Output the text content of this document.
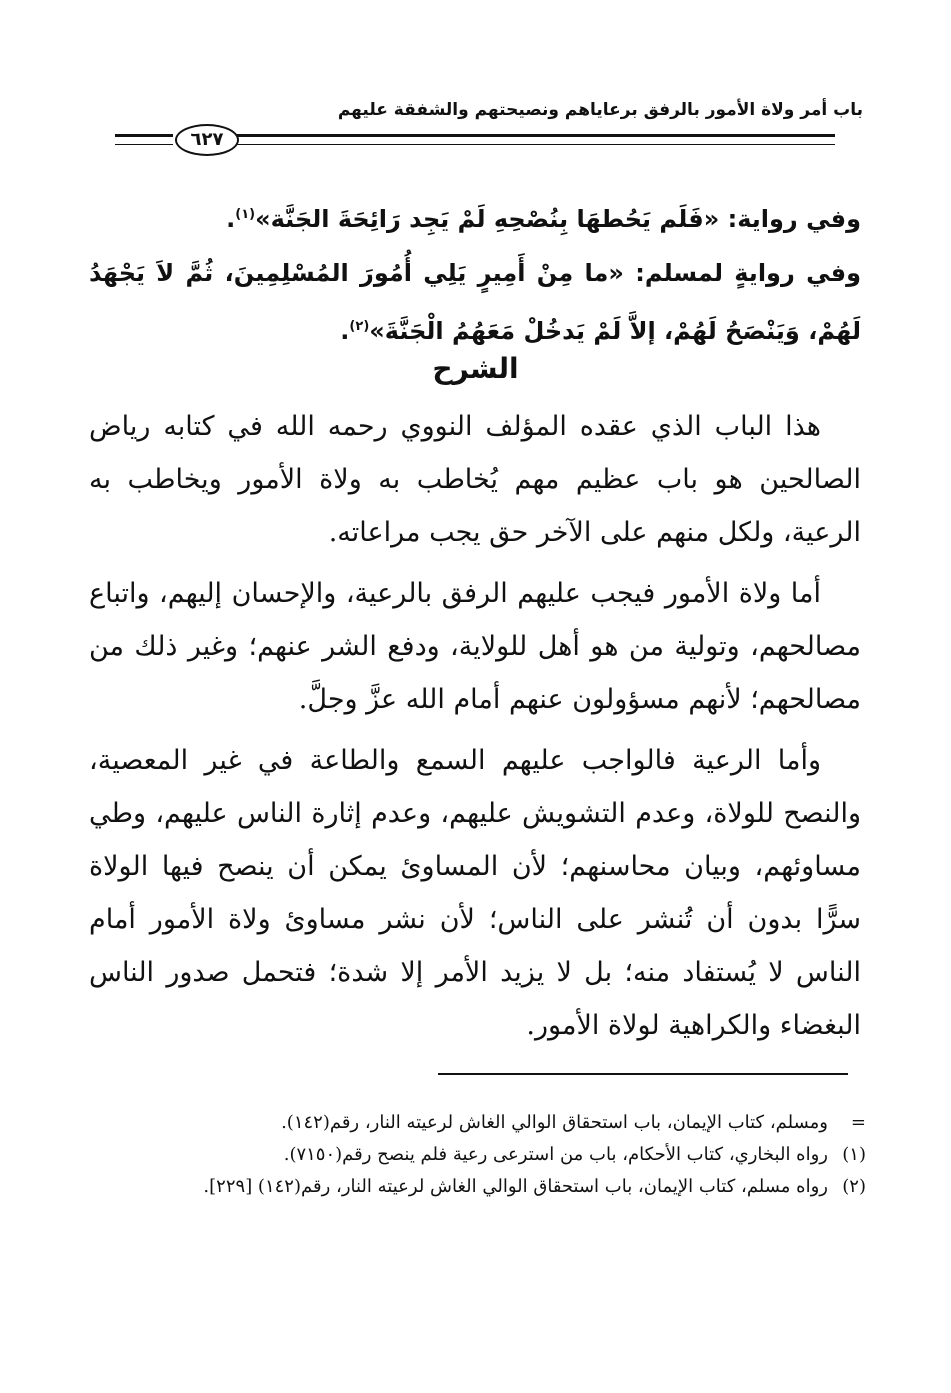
باب أمر ولاة الأمور بالرفق برعاياهم ونصيحتهم والشفقة عليهم
٦٢٧

وفي رواية: «فَلَم يَحُطهَا بِنُصْحِهِ لَمْ يَجِد رَائِحَةَ الجَنَّة»$^{(١)}$.

وفي روايةٍ لمسلم: «ما مِنْ أَمِيرٍ يَلِي أُمُورَ المُسْلِمِينَ، ثُمَّ لاَ يَجْهَدُ لَهُمْ، وَيَنْصَحُ لَهُمْ، إلاَّ لَمْ يَدخُلْ مَعَهُمُ الْجَنَّةَ»$^{(٢)}$.

الشرح

هذا الباب الذي عقده المؤلف النووي رحمه الله في كتابه رياض الصالحين هو باب عظيم مهم يُخاطب به ولاة الأمور ويخاطب به الرعية، ولكل منهم على الآخر حق يجب مراعاته.

أما ولاة الأمور فيجب عليهم الرفق بالرعية، والإحسان إليهم، واتباع مصالحهم، وتولية من هو أهل للولاية، ودفع الشر عنهم؛ وغير ذلك من مصالحهم؛ لأنهم مسؤولون عنهم أمام الله عزَّ وجلَّ.

وأما الرعية فالواجب عليهم السمع والطاعة في غير المعصية، والنصح للولاة، وعدم التشويش عليهم، وعدم إثارة الناس عليهم، وطي مساوئهم، وبيان محاسنهم؛ لأن المساوئ يمكن أن ينصح فيها الولاة سرًّا بدون أن تُنشر على الناس؛ لأن نشر مساوئ ولاة الأمور أمام الناس لا يُستفاد منه؛ بل لا يزيد الأمر إلا شدة؛ فتحمل صدور الناس البغضاء والكراهية لولاة الأمور.

=
ومسلم، كتاب الإيمان، باب استحقاق الوالي الغاش لرعيته النار، رقم(١٤٢).
(١)
رواه البخاري، كتاب الأحكام، باب من استرعى رعية فلم ينصح رقم(٧١٥٠).
(٢)
رواه مسلم، كتاب الإيمان، باب استحقاق الوالي الغاش لرعيته النار، رقم(١٤٢) [٢٢٩].
